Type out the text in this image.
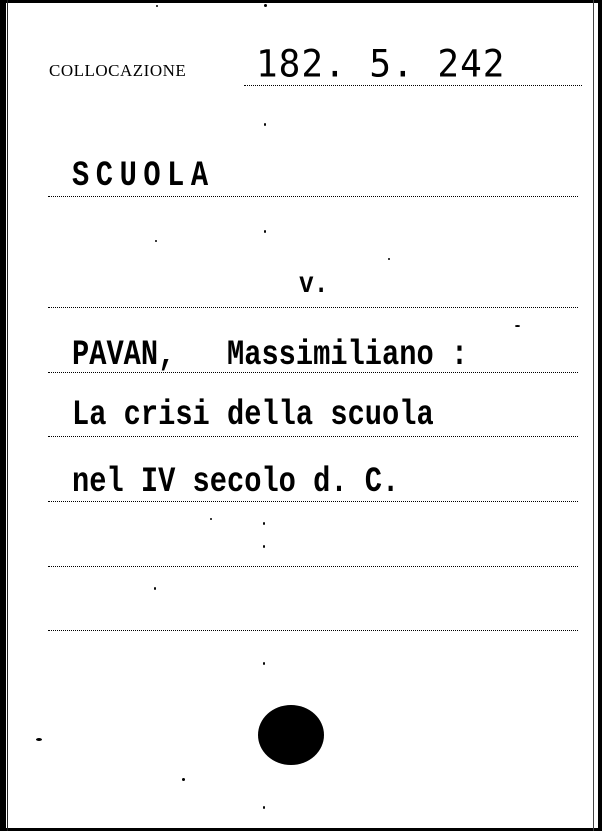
COLLOCAZIONE 182. 5. 242
SCUOLA
v.
PAVAN,   Massimiliano :
La crisi della scuola
nel IV secolo d. C.
